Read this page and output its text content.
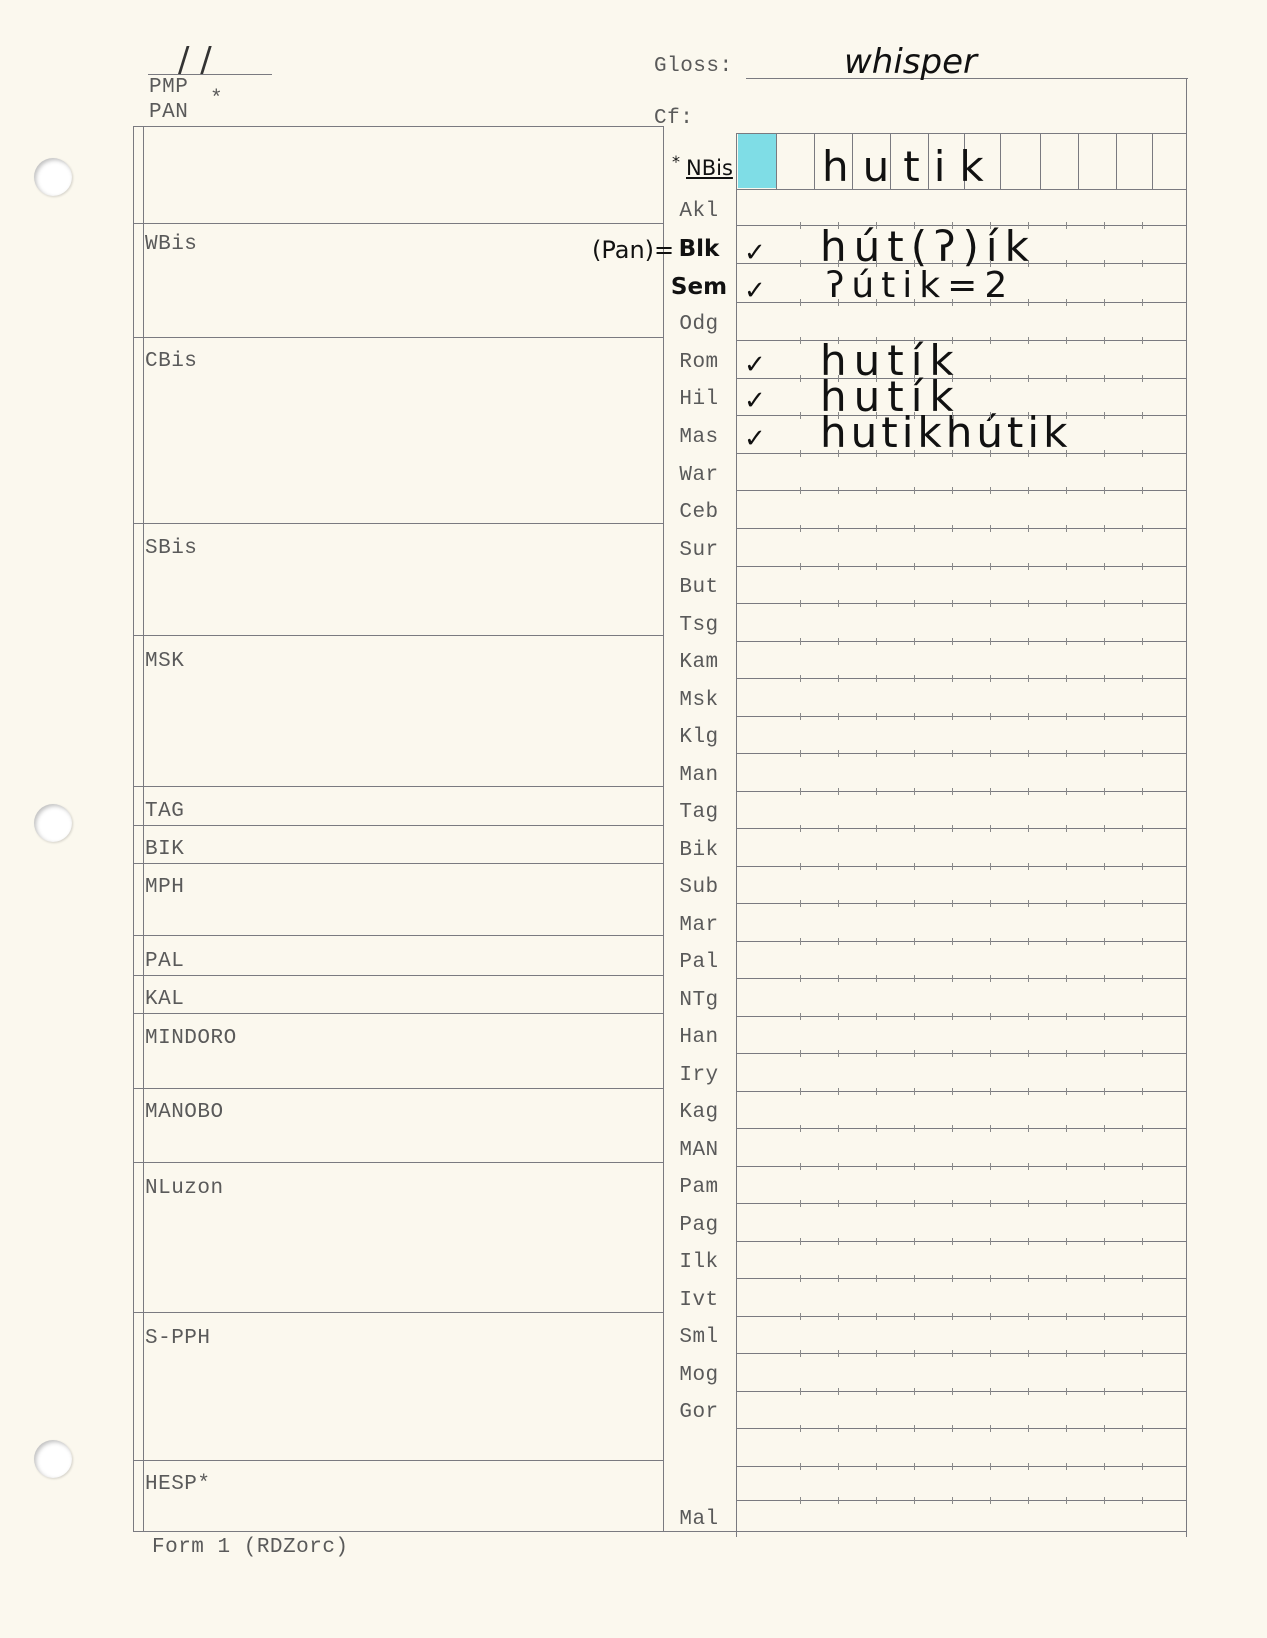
/ /
PMP
*
PAN
Gloss:	whisper
Cf:
WBis
CBis
SBis
MSK
TAG
BIK
MPH
PAL
KAL
MINDORO
MANOBO
NLuzon
S-PPH
HESP*
* NBis
Akl
Blk
Sem
Odg
Rom
Hil
Mas
War
Ceb
Sur
But
Tsg
Kam
Msk
Klg
Man
Tag
Bik
Sub
Mar
Pal
NTg
Han
Iry
Kag
MAN
Pam
Pag
Ilk
Ivt
Sml
Mog
Gor
Mal
hutik
(Pan)=	✓ hút(ʔ)ík
✓ ʔútik=2
✓ hutík
✓ hutík
✓ hutikhútik
Form 1 (RDZorc)
